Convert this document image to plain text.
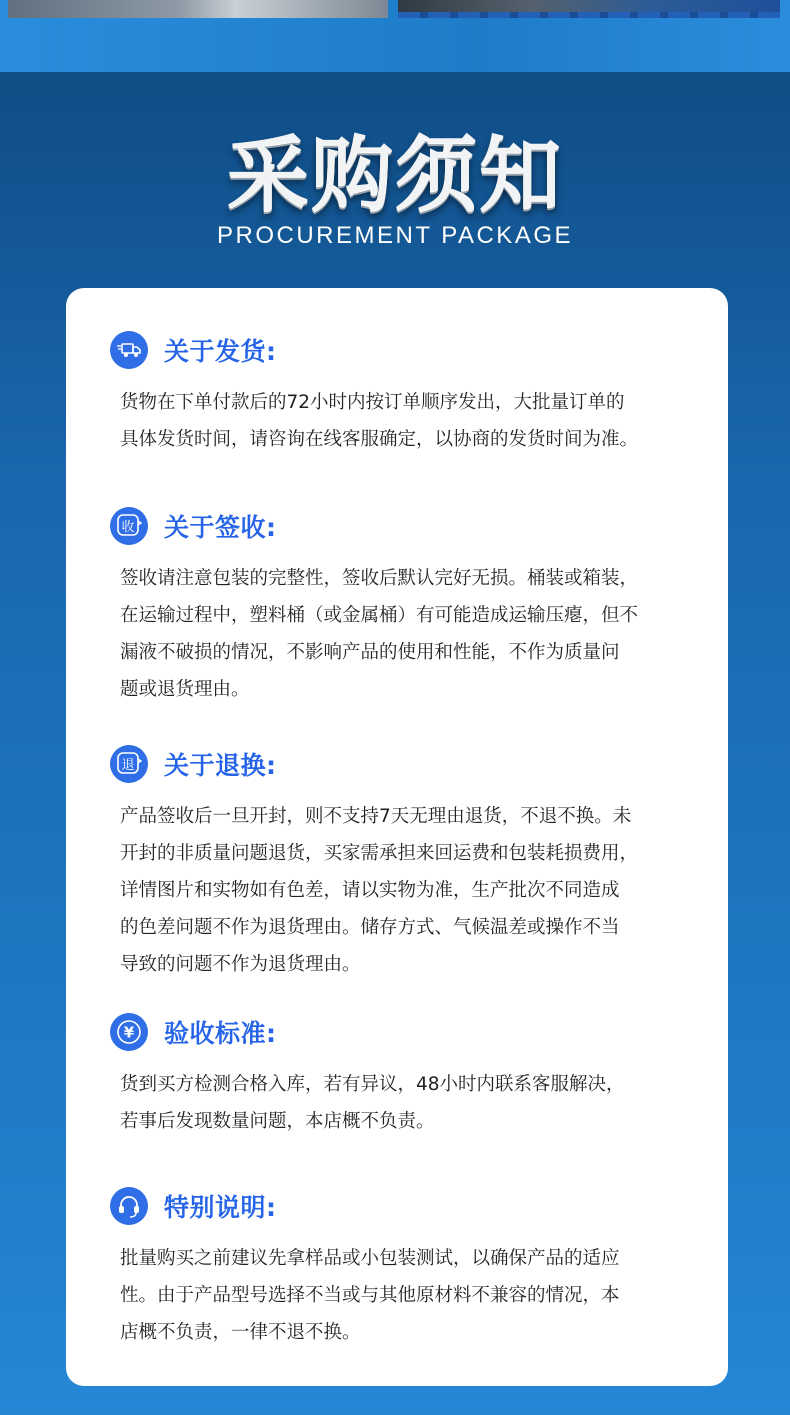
采购须知
PROCUREMENT PACKAGE
关于发货:
货物在下单付款后的72小时内按订单顺序发出，大批量订单的
具体发货时间，请咨询在线客服确定，以协商的发货时间为准。
收 关于签收:
签收请注意包装的完整性，签收后默认完好无损。桶装或箱装，
在运输过程中，塑料桶（或金属桶）有可能造成运输压瘪，但不
漏液不破损的情况，不影响产品的使用和性能，不作为质量问
题或退货理由。
退 关于退换:
产品签收后一旦开封，则不支持7天无理由退货，不退不换。未
开封的非质量问题退货，买家需承担来回运费和包装耗损费用，
详情图片和实物如有色差，请以实物为准，生产批次不同造成
的色差问题不作为退货理由。储存方式、气候温差或操作不当
导致的问题不作为退货理由。
¥ 验收标准:
货到买方检测合格入库，若有异议，48小时内联系客服解决，
若事后发现数量问题，本店概不负责。
特别说明:
批量购买之前建议先拿样品或小包装测试，以确保产品的适应
性。由于产品型号选择不当或与其他原材料不兼容的情况，本
店概不负责，一律不退不换。
